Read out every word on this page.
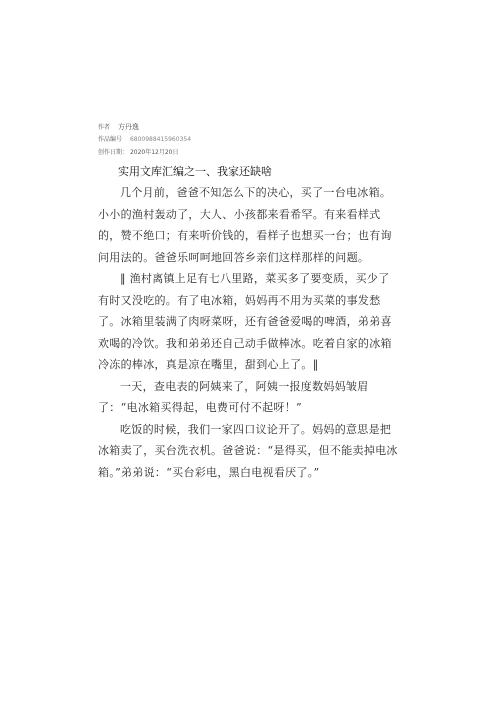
作者 方丹逸
作品编号 6800988415960354
创作日期： 2020年12月20日
实用文库汇编之一、我家还缺啥

几个月前，爸爸不知怎么下的决心，买了一台电冰箱。小小的渔村轰动了，大人、小孩都来看希罕。有来看样式的，赞不绝口；有来听价钱的，看样子也想买一台；也有询问用法的。爸爸乐呵呵地回答乡亲们这样那样的问题。

‖ 渔村离镇上足有七八里路，菜买多了要变质，买少了有时又没吃的。有了电冰箱，妈妈再不用为买菜的事发愁了。冰箱里装满了肉呀菜呀，还有爸爸爱喝的啤酒，弟弟喜欢喝的冷饮。我和弟弟还自己动手做棒冰。吃着自家的冰箱冷冻的棒冰，真是凉在嘴里，甜到心上了。‖

一天，查电表的阿姨来了，阿姨一报度数妈妈皱眉了：“电冰箱买得起，电费可付不起呀！”

吃饭的时候，我们一家四口议论开了。妈妈的意思是把冰箱卖了，买台洗衣机。爸爸说：“是得买，但不能卖掉电冰箱。”弟弟说：“买台彩电，黑白电视看厌了。”
